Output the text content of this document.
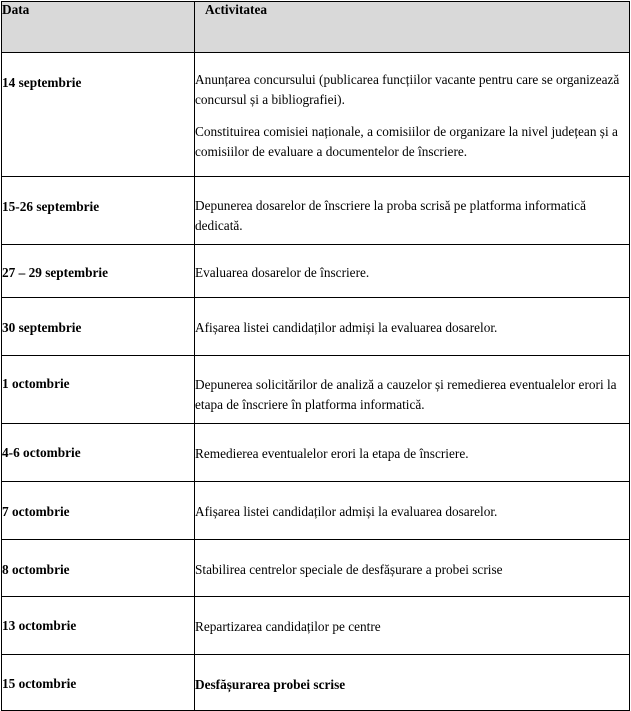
Data	Activitatea
14 septembrie	Anunțarea concursului (publicarea funcțiilor vacante pentru care se organizează concursul și a bibliografiei).

Constituirea comisiei naționale, a comisiilor de organizare la nivel județean și a comisiilor de evaluare a documentelor de înscriere.

15-26 septembrie	Depunerea dosarelor de înscriere la proba scrisă pe platforma informatică dedicată.

27 – 29 septembrie	Evaluarea dosarelor de înscriere.

30 septembrie	Afișarea listei candidaților admiși la evaluarea dosarelor.

1 octombrie	Depunerea solicitărilor de analiză a cauzelor și remedierea eventualelor erori la etapa de înscriere în platforma informatică.

4-6 octombrie	Remedierea eventualelor erori la etapa de înscriere.

7 octombrie	Afișarea listei candidaților admiși la evaluarea dosarelor.

8 octombrie	Stabilirea centrelor speciale de desfășurare a probei scrise

13 octombrie	Repartizarea candidaților pe centre

15 octombrie	Desfășurarea probei scrise
